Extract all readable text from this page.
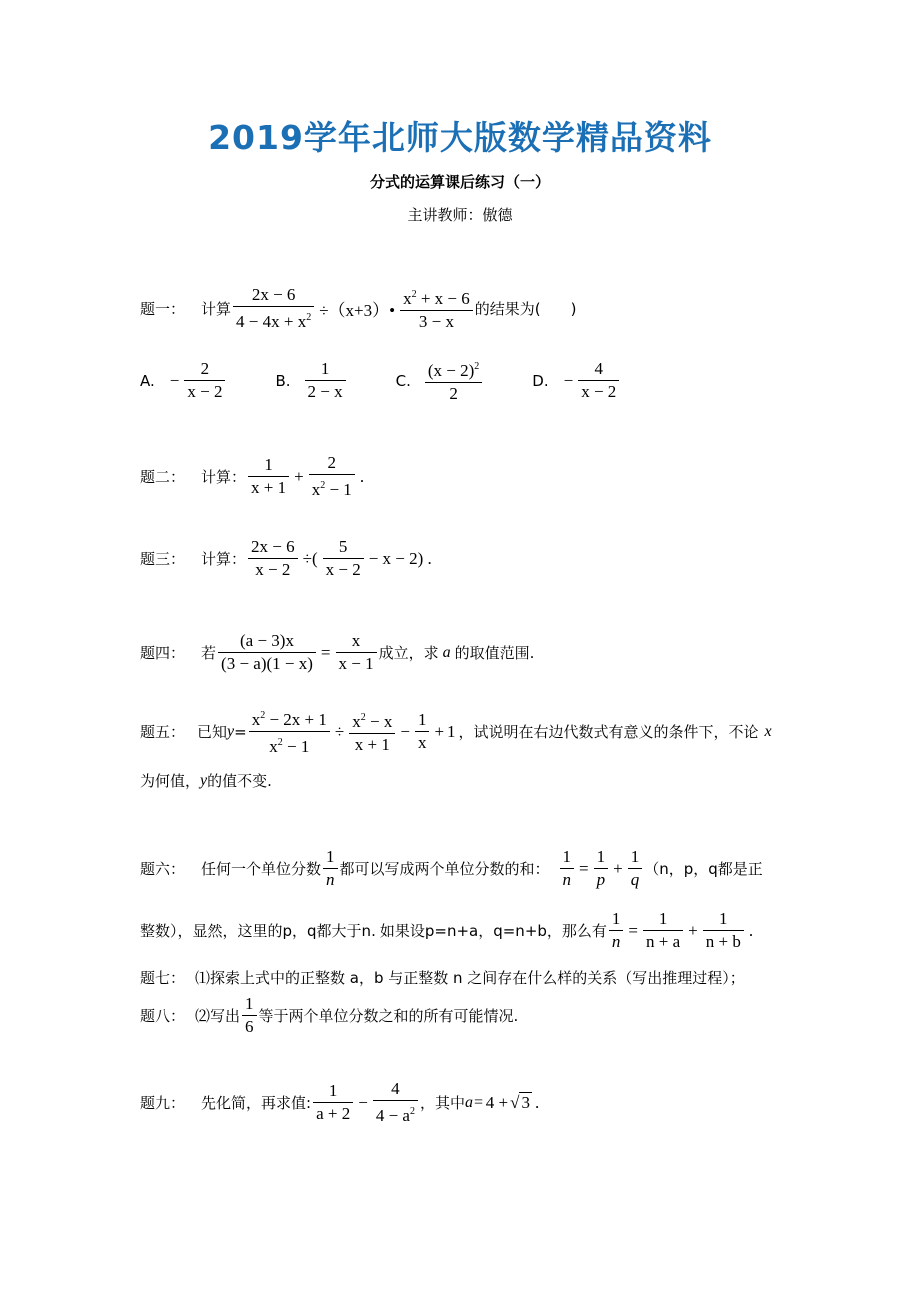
2019学年北师大版数学精品资料
分式的运算课后练习（一）
主讲教师：傲德
题一： 计算 $\frac{2x - 6}{4 - 4x + x^2}$ ÷（x+3）• $\frac{x^2 + x - 6}{3 - x}$ 的结果为(　　)
A. − $\frac{2}{x - 2}$	B. $\frac{1}{2 - x}$	C. $\frac{(x - 2)^2}{2}$	D. − $\frac{4}{x - 2}$
题二： 计算： $\frac{1}{x + 1} + \frac{2}{x^2 - 1}$ .
题三： 计算： $\frac{2x - 6}{x - 2}$ ÷( $\frac{5}{x - 2} - x - 2$) .
题四： 若 $\frac{(a - 3)x}{(3 - a)(1 - x)} = \frac{x}{x - 1}$ 成立，求 a 的取值范围.
题五： 已知 $y = \frac{x^2 - 2x + 1}{x^2 - 1} \div \frac{x^2 - x}{x + 1} - \frac{1}{x} + 1$ ，试说明在右边代数式有意义的条件下，不论 x
为何值， y 的值不变.
题六： 任何一个单位分数 $\frac{1}{n}$ 都可以写成两个单位分数的和： $\frac{1}{n} = \frac{1}{p} + \frac{1}{q} (n$，p，q都是正
整数），显然，这里的 p，q都大于n. 如果设 p=n+a，q=n+b， 那么有 $\frac{1}{n} = \frac{1}{n + a} + \frac{1}{n + b}$ .
题七： ⑴探索上式中的正整数 a，b 与正整数 n 之间存在什么样的关系（写出推理过程）；
题八： ⑵写出 $\frac{1}{6}$ 等于两个单位分数之和的所有可能情况.
题九： 先化简，再求值: $\frac{1}{a + 2} - \frac{4}{4 - a^2}$ ，其中 a= 4 + √ 3 .
